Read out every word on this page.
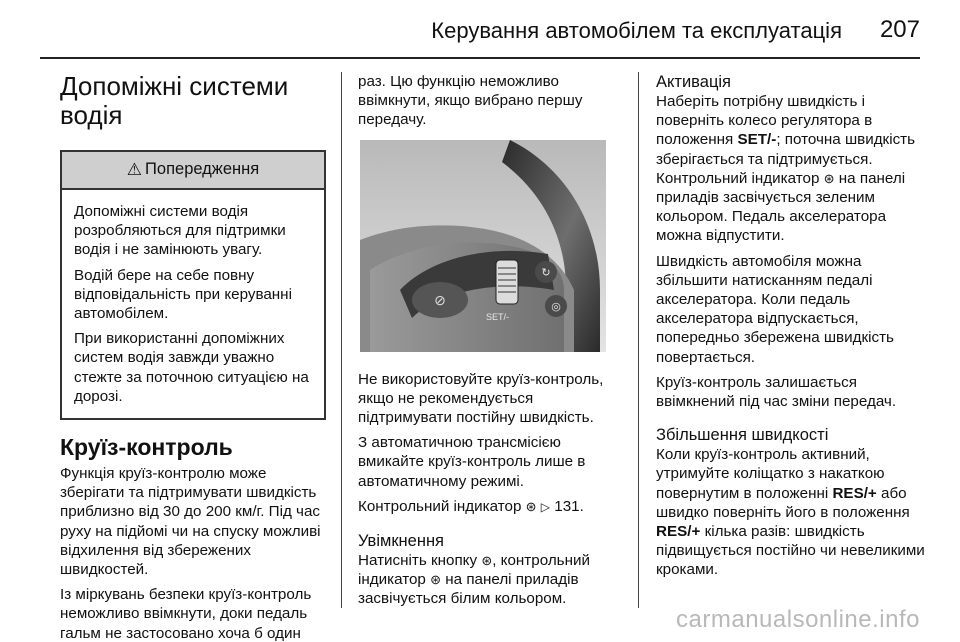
Керування автомобілем та експлуатація 207
Допоміжні системи водія
⚠ Попередження

Допоміжні системи водія розробляються для підтримки водія і не замінюють увагу.

Водій бере на себе повну відповідальність при керуванні автомобілем.

При використанні допоміжних систем водія завжди уважно стежте за поточною ситуацією на дорозі.

Круїз-контроль

Функція круїз-контролю може зберігати та підтримувати швидкість приблизно від 30 до 200 км/г. Під час руху на підйомі чи на спуску можливі відхилення від збережених швидкостей.

Із міркувань безпеки круїз-контроль неможливо ввімкнути, доки педаль гальм не застосовано хоча б один

раз. Цю функцію неможливо ввімкнути, якщо вибрано першу передачу.

⊘
SET/-
↻
◎

Не використовуйте круїз-контроль, якщо не рекомендується підтримувати постійну швидкість.

З автоматичною трансмісією вмикайте круїз-контроль лише в автоматичному режимі.

Контрольний індикатор ⊛ ▷ 131.

Увімкнення

Натисніть кнопку ⊛, контрольний індикатор ⊛ на панелі приладів засвічується білим кольором.

Активація

Наберіть потрібну швидкість і поверніть колесо регулятора в положення SET/-; поточна швидкість зберігається та підтримується. Контрольний індикатор ⊛ на панелі приладів засвічується зеленим кольором. Педаль акселератора можна відпустити.

Швидкість автомобіля можна збільшити натисканням педалі акселератора. Коли педаль акселератора відпускається, попередньо збережена швидкість повертається.

Круїз-контроль залишається ввімкнений під час зміни передач.

Збільшення швидкості

Коли круїз-контроль активний, утримуйте коліщатко з накаткою повернутим в положенні RES/+ або швидко поверніть його в положення RES/+ кілька разів: швидкість підвищується постійно чи невеликими кроками.

carmanualsonline.info
